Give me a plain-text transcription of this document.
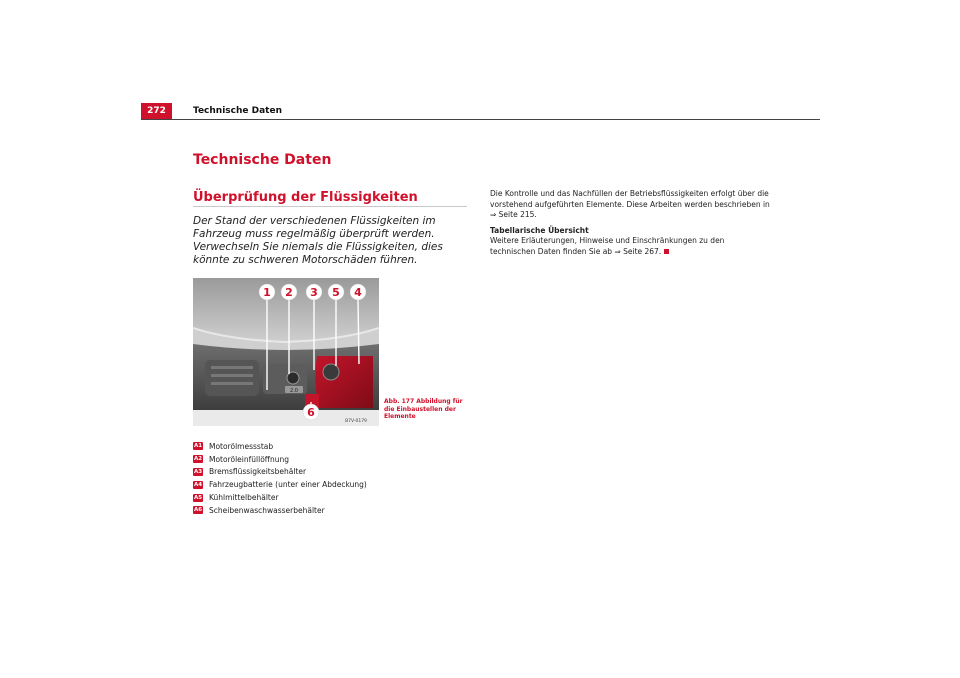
272	Technische Daten
Technische Daten
Überprüfung der Flüssigkeiten

Der Stand der verschiedenen Flüssigkeiten im Fahrzeug muss regelmäßig überprüft werden. Verwechseln Sie niemals die Flüssigkeiten, dies könnte zu schweren Motorschäden führen.

2.0
B7V-0179
1 2 3 5 4
6
Abb. 177 Abbildung für die Einbaustellen der Elemente
A1 Motorölmessstab
A2 Motoröleinfüllöffnung
A3 Bremsflüssigkeitsbehälter
A4 Fahrzeugbatterie (unter einer Abdeckung)
A5 Kühlmittelbehälter
A6 Scheibenwaschwasserbehälter

Die Kontrolle und das Nachfüllen der Betriebsflüssigkeiten erfolgt über die vorstehend aufgeführten Elemente. Diese Arbeiten werden beschrieben in ⇒ Seite 215.

Tabellarische Übersicht

Weitere Erläuterungen, Hinweise und Einschränkungen zu den technischen Daten finden Sie ab ⇒ Seite 267.
